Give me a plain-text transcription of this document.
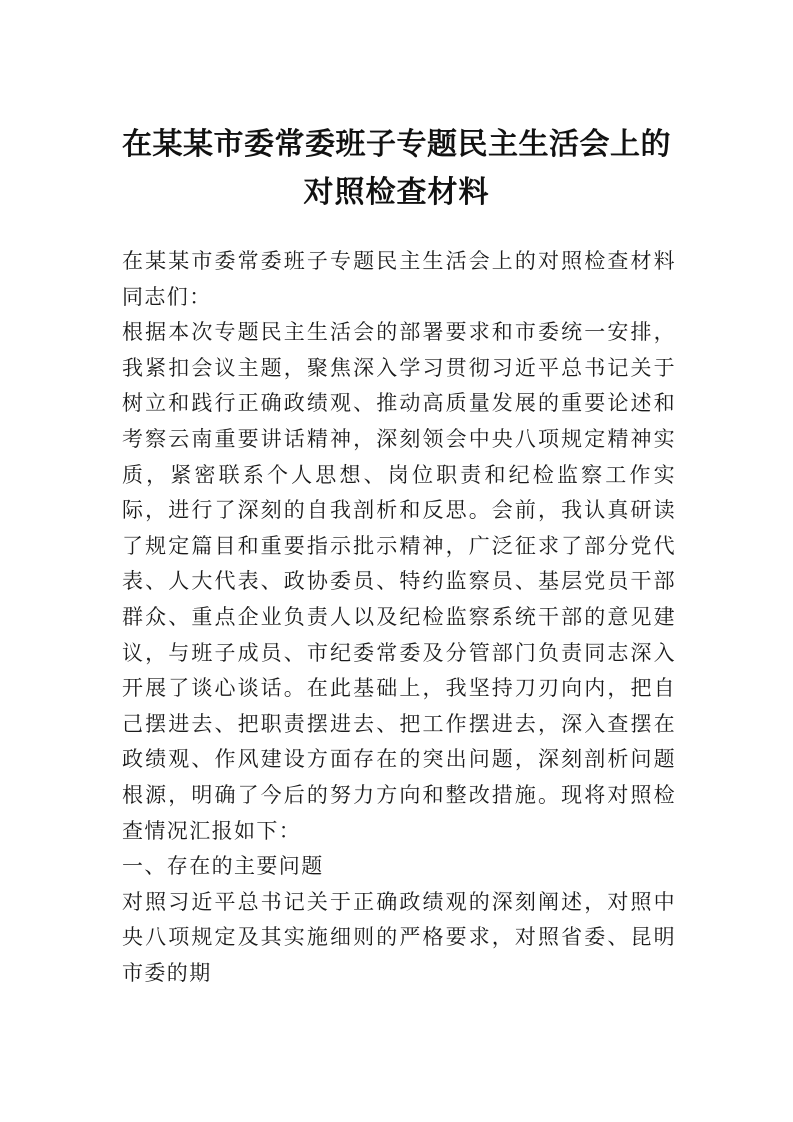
在某某市委常委班子专题民主生活会上的
对照检查材料

在某某市委常委班子专题民主生活会上的对照检查材料同志们：

根据本次专题民主生活会的部署要求和市委统一安排，我紧扣会议主题，聚焦深入学习贯彻习近平总书记关于树立和践行正确政绩观、推动高质量发展的重要论述和考察云南重要讲话精神，深刻领会中央八项规定精神实质，紧密联系个人思想、岗位职责和纪检监察工作实际，进行了深刻的自我剖析和反思。会前，我认真研读了规定篇目和重要指示批示精神，广泛征求了部分党代表、人大代表、政协委员、特约监察员、基层党员干部群众、重点企业负责人以及纪检监察系统干部的意见建议，与班子成员、市纪委常委及分管部门负责同志深入开展了谈心谈话。在此基础上，我坚持刀刃向内，把自己摆进去、把职责摆进去、把工作摆进去，深入查摆在政绩观、作风建设方面存在的突出问题，深刻剖析问题根源，明确了今后的努力方向和整改措施。现将对照检查情况汇报如下：

一、存在的主要问题

对照习近平总书记关于正确政绩观的深刻阐述，对照中央八项规定及其实施细则的严格要求，对照省委、昆明市委的期
